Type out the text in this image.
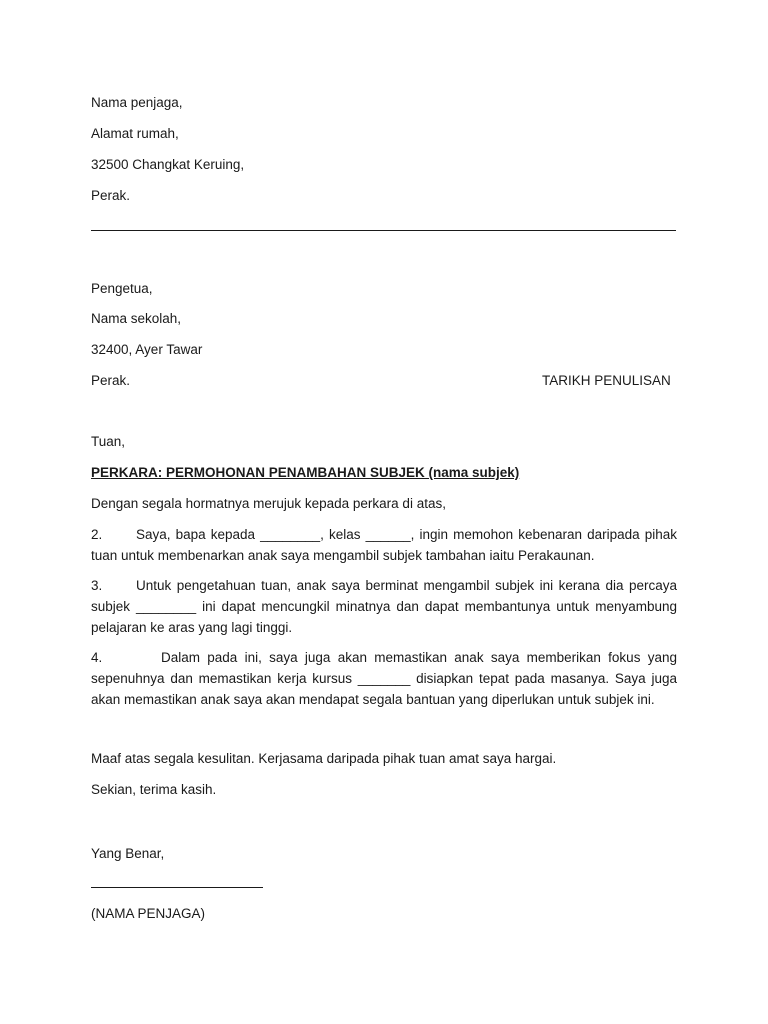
Nama penjaga,
Alamat rumah,
32500 Changkat Keruing,
Perak.
Pengetua,
Nama sekolah,
32400, Ayer Tawar
Perak.	TARIKH PENULISAN
Tuan,
PERKARA: PERMOHONAN PENAMBAHAN SUBJEK (nama subjek)
Dengan segala hormatnya merujuk kepada perkara di atas,
2. Saya, bapa kepada ________, kelas ______, ingin memohon kebenaran daripada pihak tuan untuk membenarkan anak saya mengambil subjek tambahan iaitu Perakaunan.
3. Untuk pengetahuan tuan, anak saya berminat mengambil subjek ini kerana dia percaya subjek ________ ini dapat mencungkil minatnya dan dapat membantunya untuk menyambung pelajaran ke aras yang lagi tinggi.
4.	Dalam pada ini, saya juga akan memastikan anak saya memberikan fokus yang sepenuhnya dan memastikan kerja kursus _______ disiapkan tepat pada masanya. Saya juga akan memastikan anak saya akan mendapat segala bantuan yang diperlukan untuk subjek ini.
Maaf atas segala kesulitan. Kerjasama daripada pihak tuan amat saya hargai.
Sekian, terima kasih.
Yang Benar,
(NAMA PENJAGA)
